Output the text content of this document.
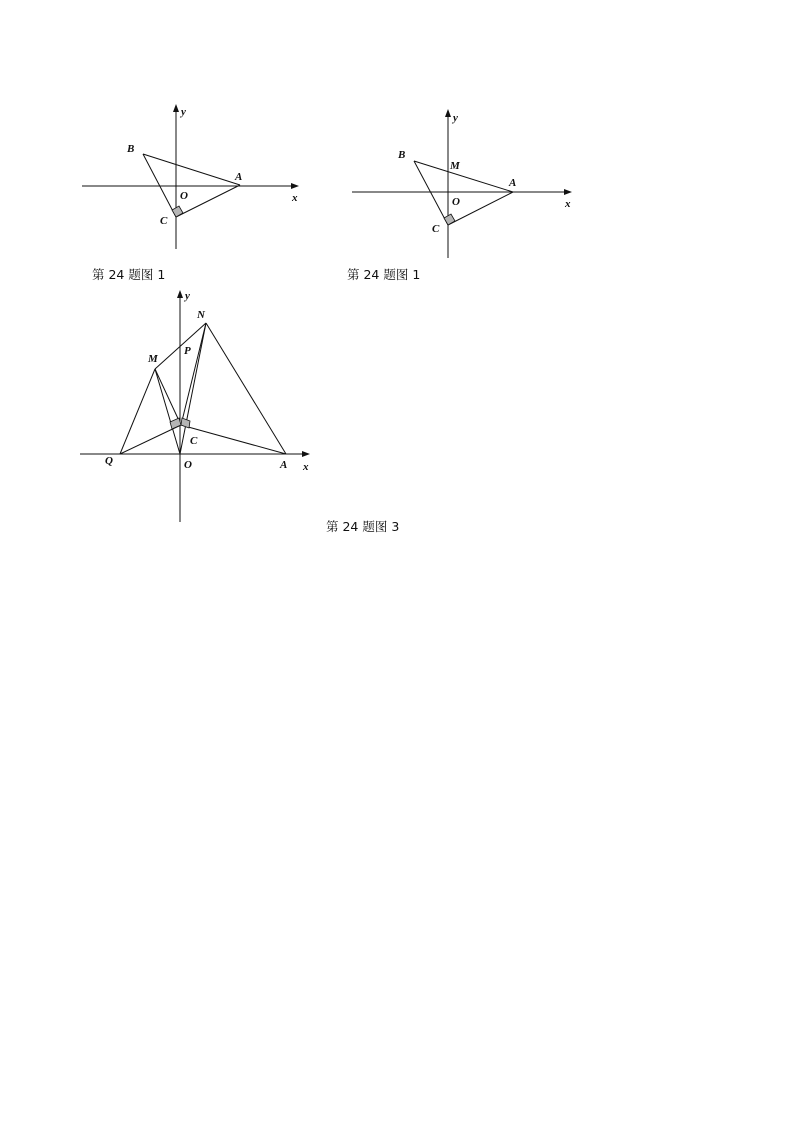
y
x
B
A
O
C
y
x
B
M
A
O
C
第 24 题图 1	第 24 题图 1
y
N
M
P
C
Q	O	A x
第 24 题图 3
